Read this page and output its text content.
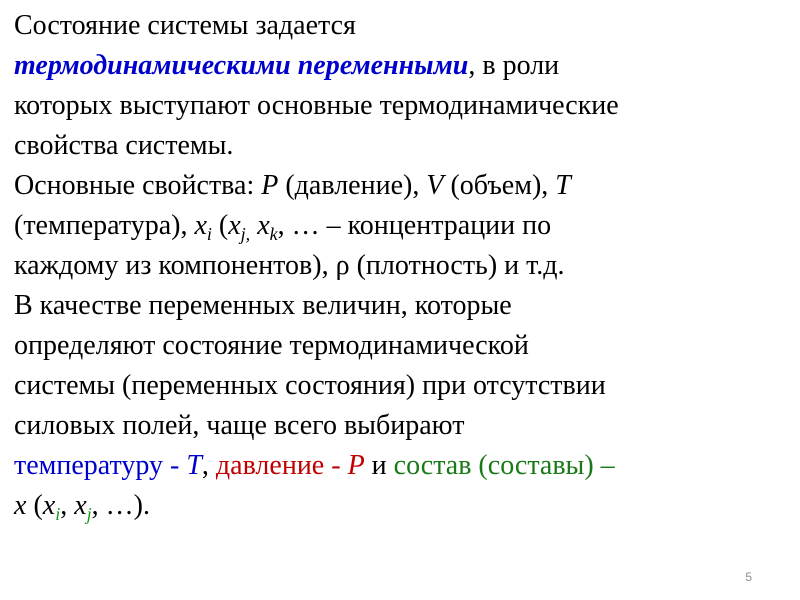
Состояние системы задается
термодинамическими переменными, в роли
которых выступают основные термодинамические
свойства системы.
Основные свойства: P (давление), V (объем), T
(температура), $x_i$ ($x_{j,}$ $x_k$, … – концентрации по
каждому из компонентов), ρ (плотность) и т.д.
В качестве переменных величин, которые
определяют состояние термодинамической
системы (переменных состояния) при отсутствии
силовых полей, чаще всего выбирают
температуру - T, давление - P и состав (составы) –
x ($x_i$, $x_j$, …).
5
